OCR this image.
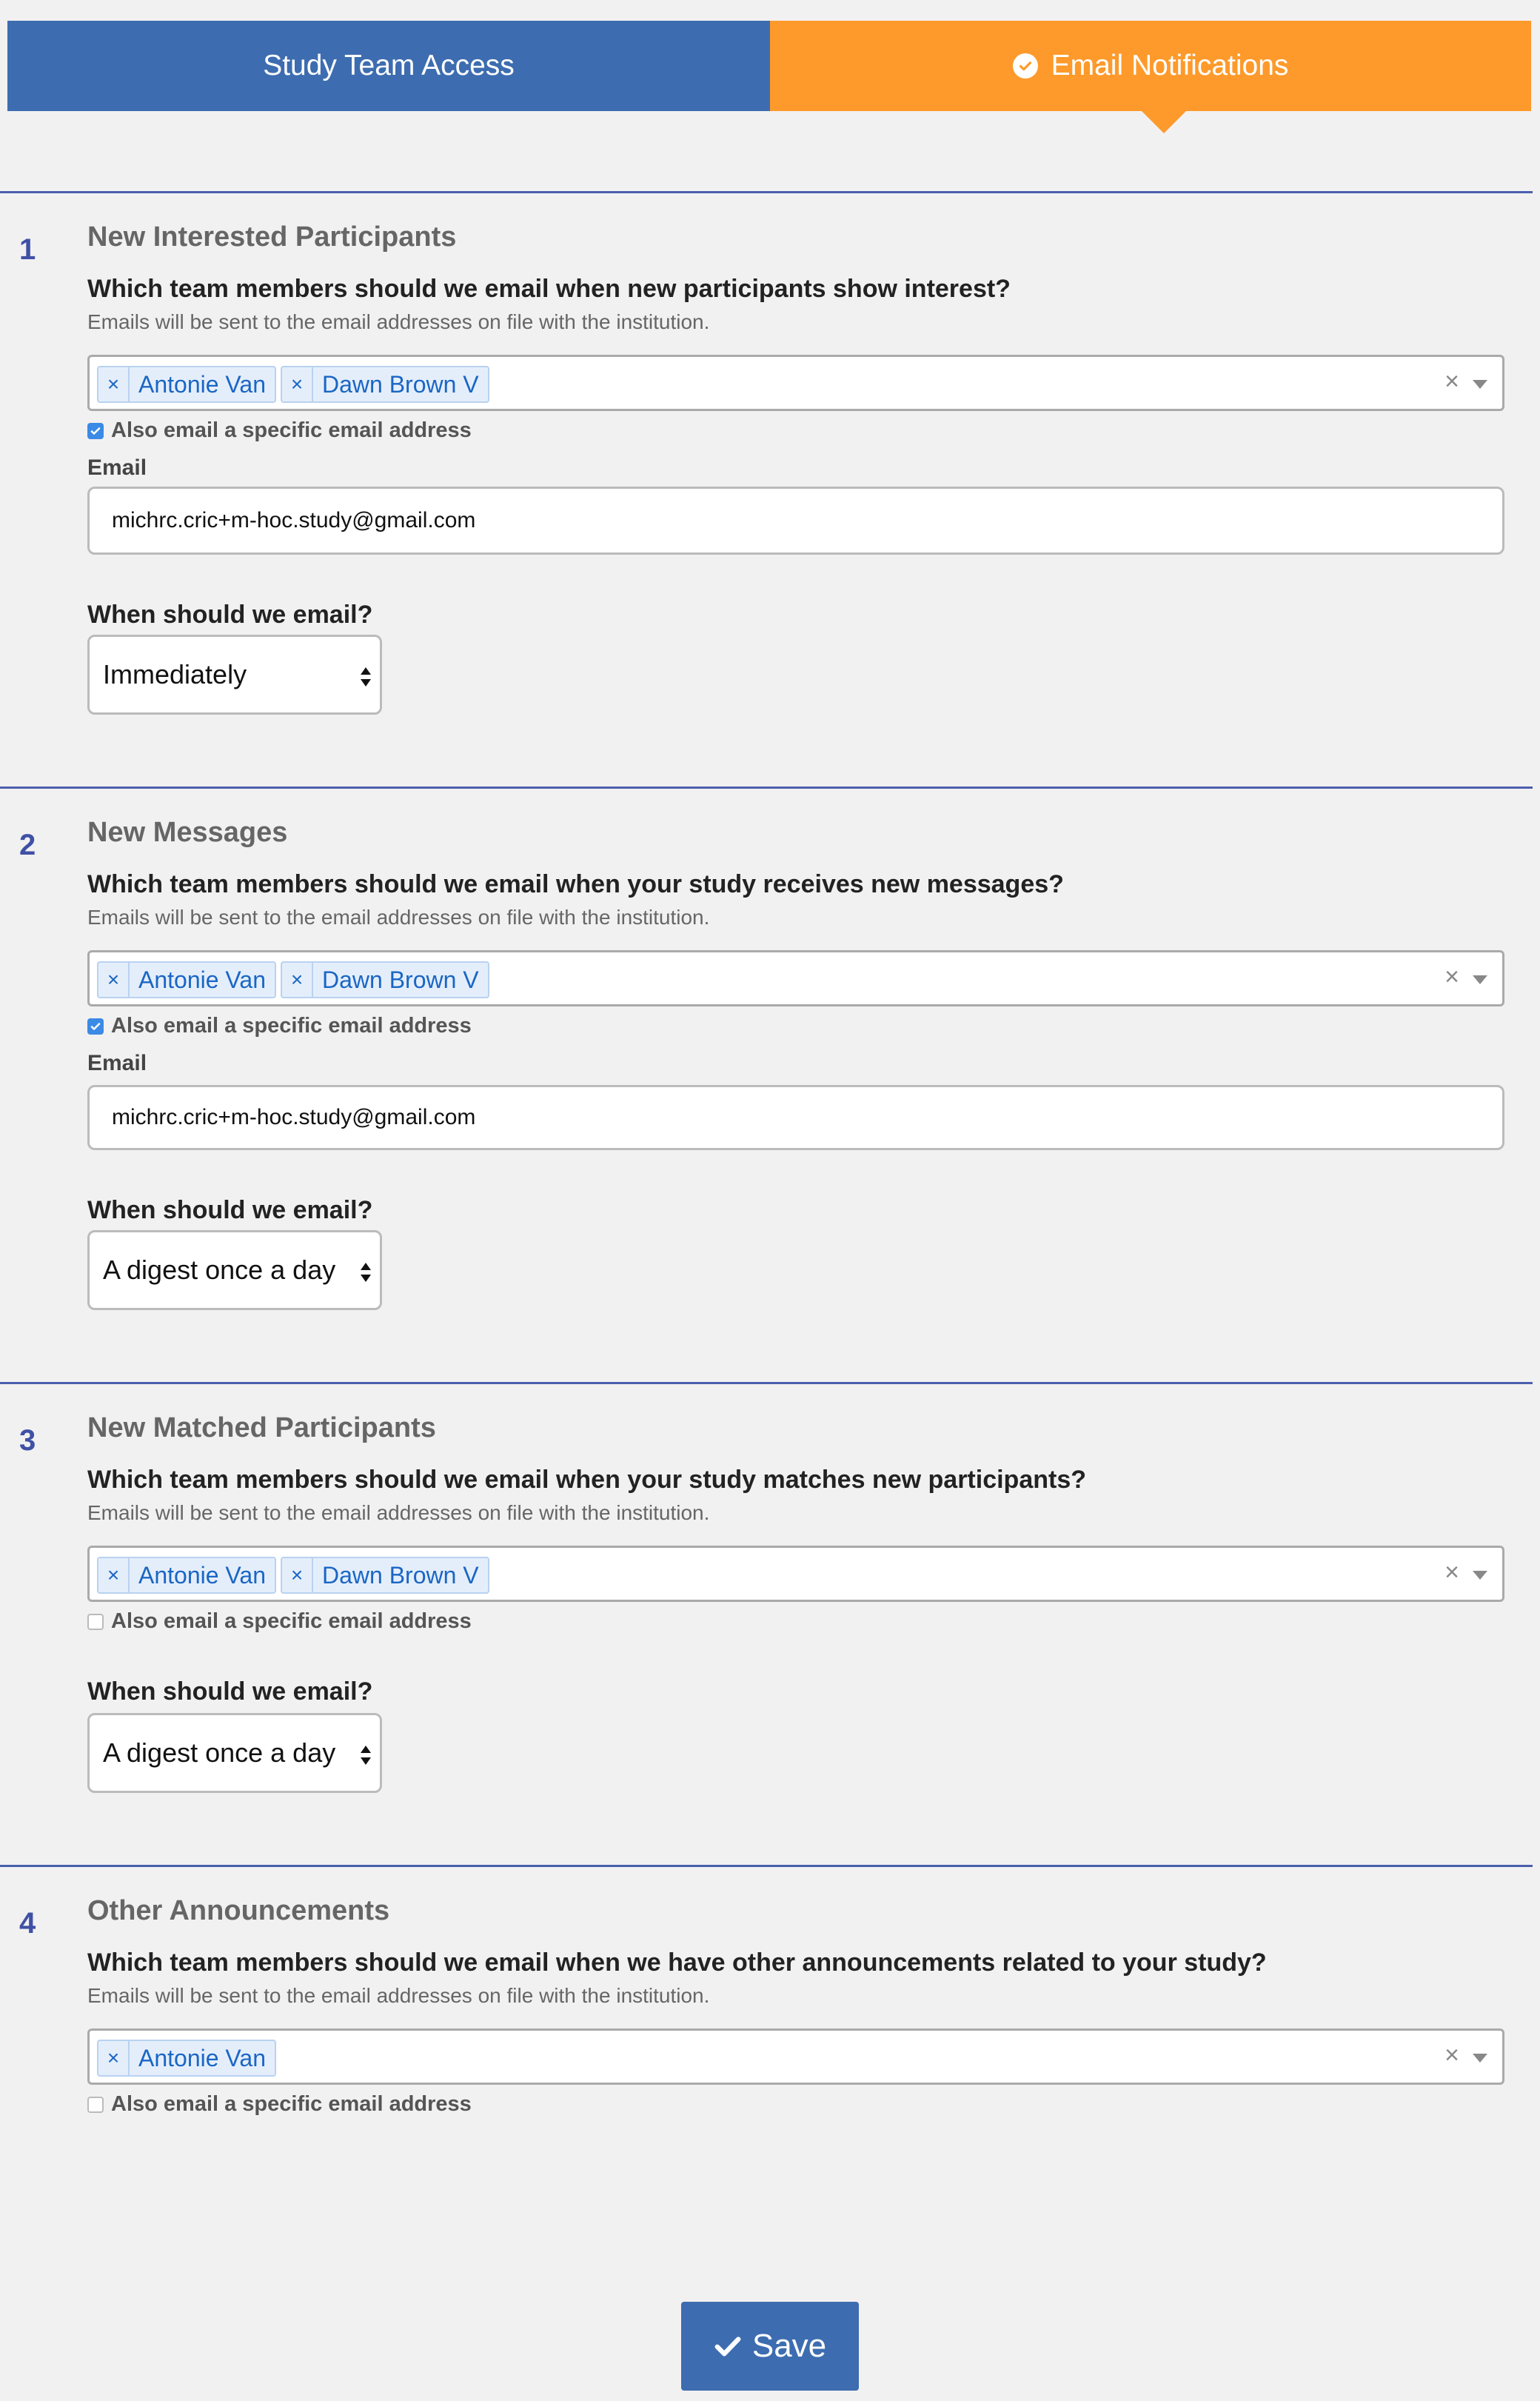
Study Team Access	Email Notifications
1 New Interested Participants
Which team members should we email when new participants show interest?
Emails will be sent to the email addresses on file with the institution.
× Antonie Van	× Dawn Brown V	×
Also email a specific email address
Email
michrc.cric+m-hoc.study@gmail.com
When should we email?
Immediately
2 New Messages
Which team members should we email when your study receives new messages?
Emails will be sent to the email addresses on file with the institution.
× Antonie Van	× Dawn Brown V	×
Also email a specific email address
Email
michrc.cric+m-hoc.study@gmail.com
When should we email?
A digest once a day
3 New Matched Participants
Which team members should we email when your study matches new participants?
Emails will be sent to the email addresses on file with the institution.
× Antonie Van	× Dawn Brown V	×
Also email a specific email address
When should we email?
A digest once a day
4 Other Announcements
Which team members should we email when we have other announcements related to your study?
Emails will be sent to the email addresses on file with the institution.
× Antonie Van	×
Also email a specific email address
Save
